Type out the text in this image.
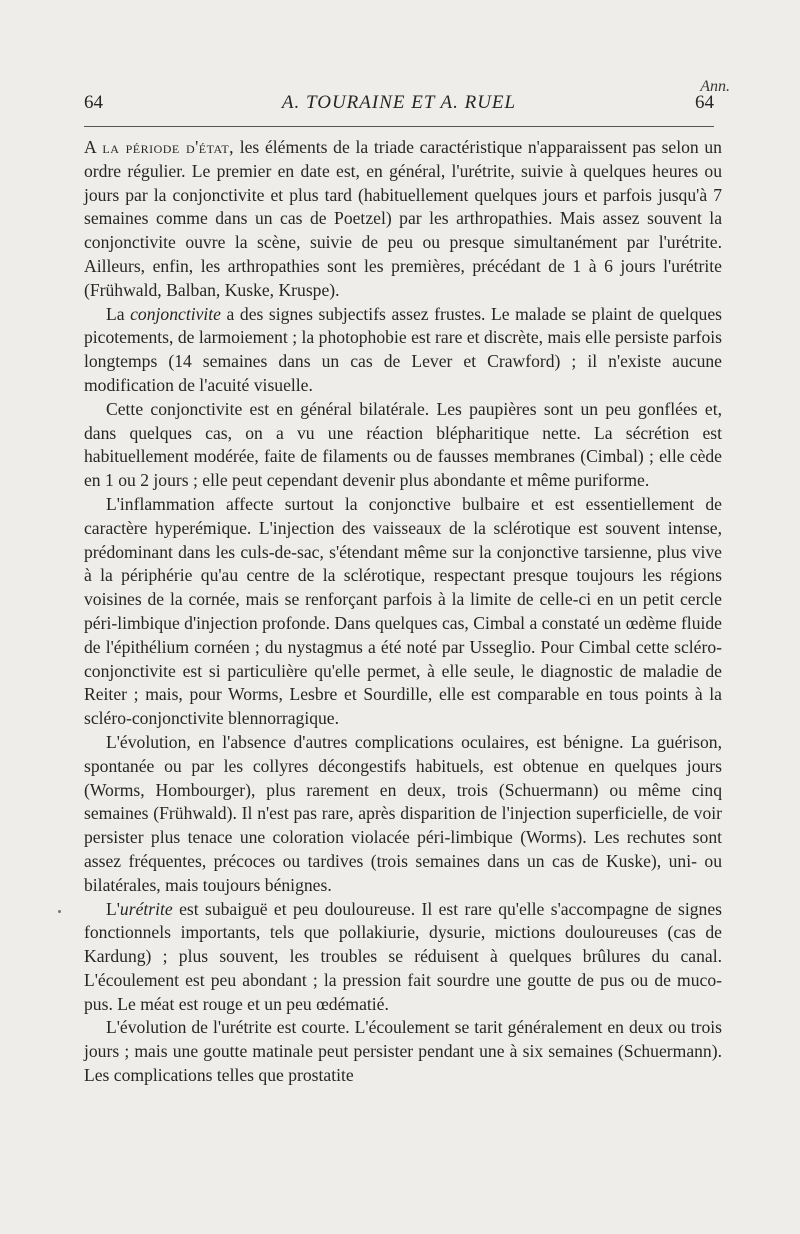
Ann.
64	A. TOURAINE ET A. RUEL	64

A la période d'état, les éléments de la triade caractéristique n'apparaissent pas selon un ordre régulier. Le premier en date est, en général, l'urétrite, suivie à quelques heures ou jours par la conjonctivite et plus tard (habituellement quelques jours et parfois jusqu'à 7 semaines comme dans un cas de Poetzel) par les arthropathies. Mais assez souvent la conjonctivite ouvre la scène, suivie de peu ou presque simultanément par l'urétrite. Ailleurs, enfin, les arthropathies sont les premières, précédant de 1 à 6 jours l'urétrite (Frühwald, Balban, Kuske, Kruspe).

La conjonctivite a des signes subjectifs assez frustes. Le malade se plaint de quelques picotements, de larmoiement ; la photophobie est rare et discrète, mais elle persiste parfois longtemps (14 semaines dans un cas de Lever et Crawford) ; il n'existe aucune modification de l'acuité visuelle.

Cette conjonctivite est en général bilatérale. Les paupières sont un peu gonflées et, dans quelques cas, on a vu une réaction blépharitique nette. La sécrétion est habituellement modérée, faite de filaments ou de fausses membranes (Cimbal) ; elle cède en 1 ou 2 jours ; elle peut cependant devenir plus abondante et même puriforme.

L'inflammation affecte surtout la conjonctive bulbaire et est essentiellement de caractère hyperémique. L'injection des vaisseaux de la sclérotique est souvent intense, prédominant dans les culs-de-sac, s'étendant même sur la conjonctive tarsienne, plus vive à la périphérie qu'au centre de la sclérotique, respectant presque toujours les régions voisines de la cornée, mais se renforçant parfois à la limite de celle-ci en un petit cercle péri-limbique d'injection profonde. Dans quelques cas, Cimbal a constaté un œdème fluide de l'épithélium cornéen ; du nystagmus a été noté par Usseglio. Pour Cimbal cette scléro-conjonctivite est si particulière qu'elle permet, à elle seule, le diagnostic de maladie de Reiter ; mais, pour Worms, Lesbre et Sourdille, elle est comparable en tous points à la scléro-conjonctivite blennorragique.

L'évolution, en l'absence d'autres complications oculaires, est bénigne. La guérison, spontanée ou par les collyres décongestifs habituels, est obtenue en quelques jours (Worms, Hombourger), plus rarement en deux, trois (Schuermann) ou même cinq semaines (Frühwald). Il n'est pas rare, après disparition de l'injection superficielle, de voir persister plus tenace une coloration violacée péri-limbique (Worms). Les rechutes sont assez fréquentes, précoces ou tardives (trois semaines dans un cas de Kuske), uni- ou bilatérales, mais toujours bénignes.

L'urétrite est subaiguë et peu douloureuse. Il est rare qu'elle s'accompagne de signes fonctionnels importants, tels que pollakiurie, dysurie, mictions douloureuses (cas de Kardung) ; plus souvent, les troubles se réduisent à quelques brûlures du canal. L'écoulement est peu abondant ; la pression fait sourdre une goutte de pus ou de muco-pus. Le méat est rouge et un peu œdématié.

L'évolution de l'urétrite est courte. L'écoulement se tarit généralement en deux ou trois jours ; mais une goutte matinale peut persister pendant une à six semaines (Schuermann). Les complications telles que prostatite
